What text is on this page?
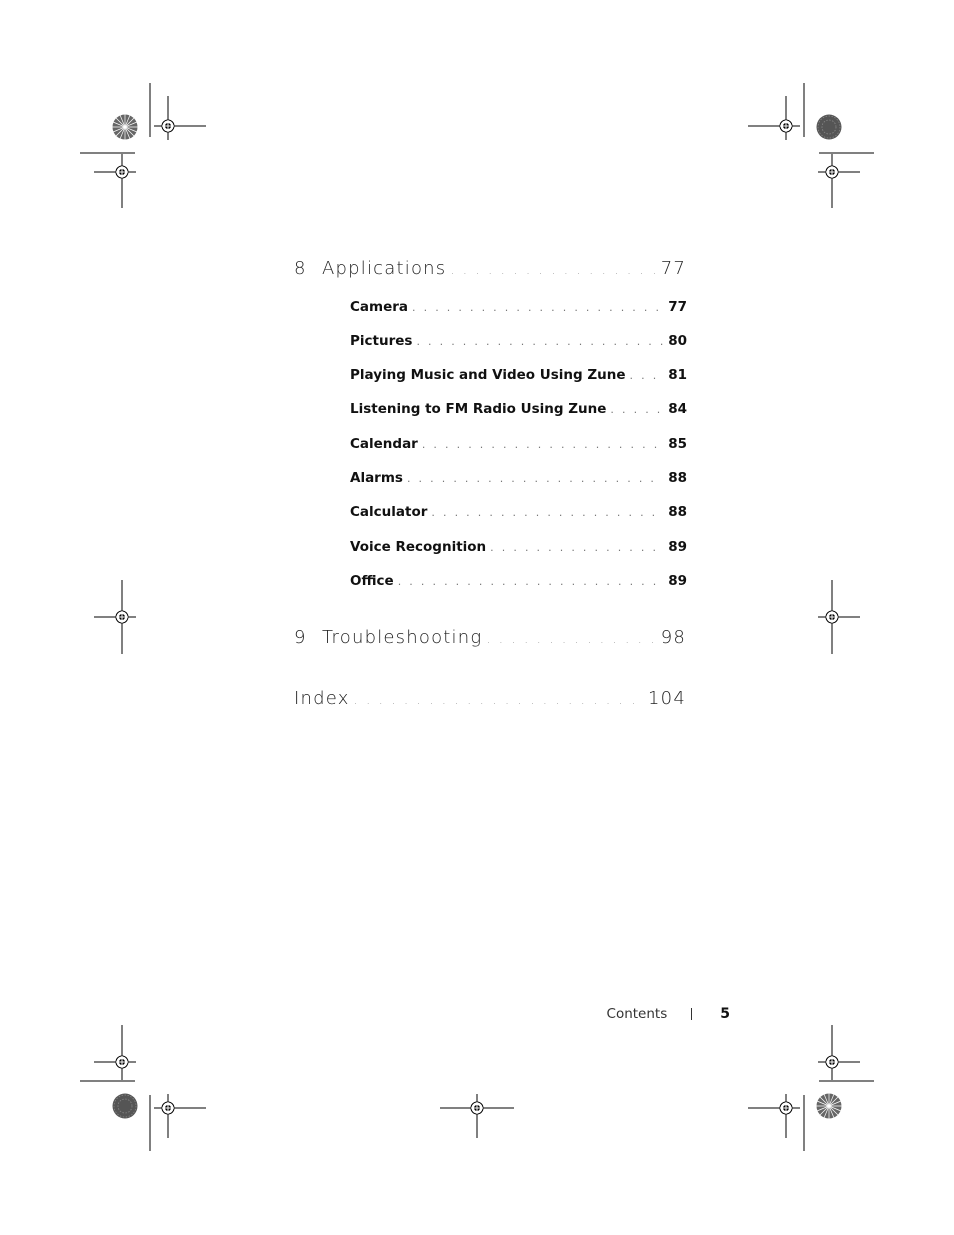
8 Applications . . .	77
Camera . . .	77
Pictures . . .	80
Playing Music and Video Using Zune . . .	81
Listening to FM Radio Using Zune . . .	84
Calendar . . .	85
Alarms . . .	88
Calculator . . .	88
Voice Recognition . . .	89
Office . . .	89
9 Troubleshooting . . .	98
Index . . .	104
Contents	5
